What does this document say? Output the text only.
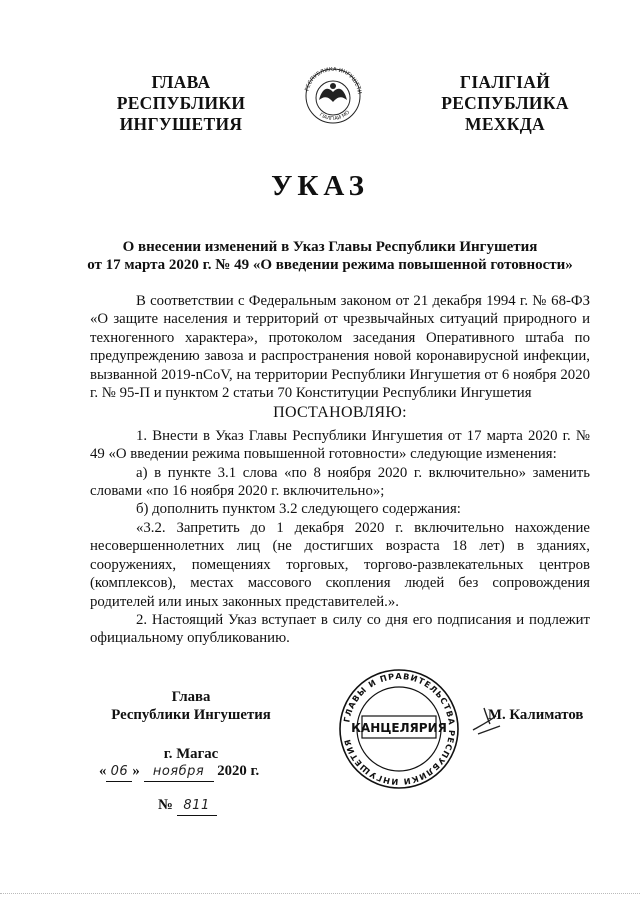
ГЛАВА
РЕСПУБЛИКИ
ИНГУШЕТИЯ
РЕСПУБЛИКА ИНГУШЕТИ
ГIАЛГIАЙ МО
ГIАЛГIАЙ
РЕСПУБЛИКА
МЕХКДА
УКАЗ
О внесении изменений в Указ Главы Республики Ингушетия
от 17 марта 2020 г. № 49 «О введении режима повышенной готовности»

В соответствии с Федеральным законом от 21 декабря 1994 г. № 68-ФЗ «О защите населения и территорий от чрезвычайных ситуаций природного и техногенного характера», протоколом заседания Оперативного штаба по предупреждению завоза и распространения новой коронавирусной инфекции, вызванной 2019-nCoV, на территории Республики Ингушетия от 6 ноября 2020 г. № 95-П и пунктом 2 статьи 70 Конституции Республики Ингушетия

ПОСТАНОВЛЯЮ:

1. Внести в Указ Главы Республики Ингушетия от 17 марта 2020 г. № 49 «О введении режима повышенной готовности» следующие изменения:

а) в пункте 3.1 слова «по 8 ноября 2020 г. включительно» заменить словами «по 16 ноября 2020 г. включительно»;

б) дополнить пунктом 3.2 следующего содержания:

«3.2. Запретить до 1 декабря 2020 г. включительно нахождение несовершеннолетних лиц (не достигших возраста 18 лет) в зданиях, сооружениях, помещениях торговых, торгово-развлекательных центров (комплексов), местах массового скопления людей без сопровождения родителей или иных законных представителей.».

2. Настоящий Указ вступает в силу со дня его подписания и подлежит официальному опубликованию.

Глава
Республики Ингушетия	ГЛАВЫ И ПРАВИТЕЛЬСТВА РЕСПУБЛИКИ ИНГУШЕТИЯ
КАНЦЕЛЯРИЯ
М. Калиматов
г. Магас
« 06 » ноября 2020 г.
№ 811
